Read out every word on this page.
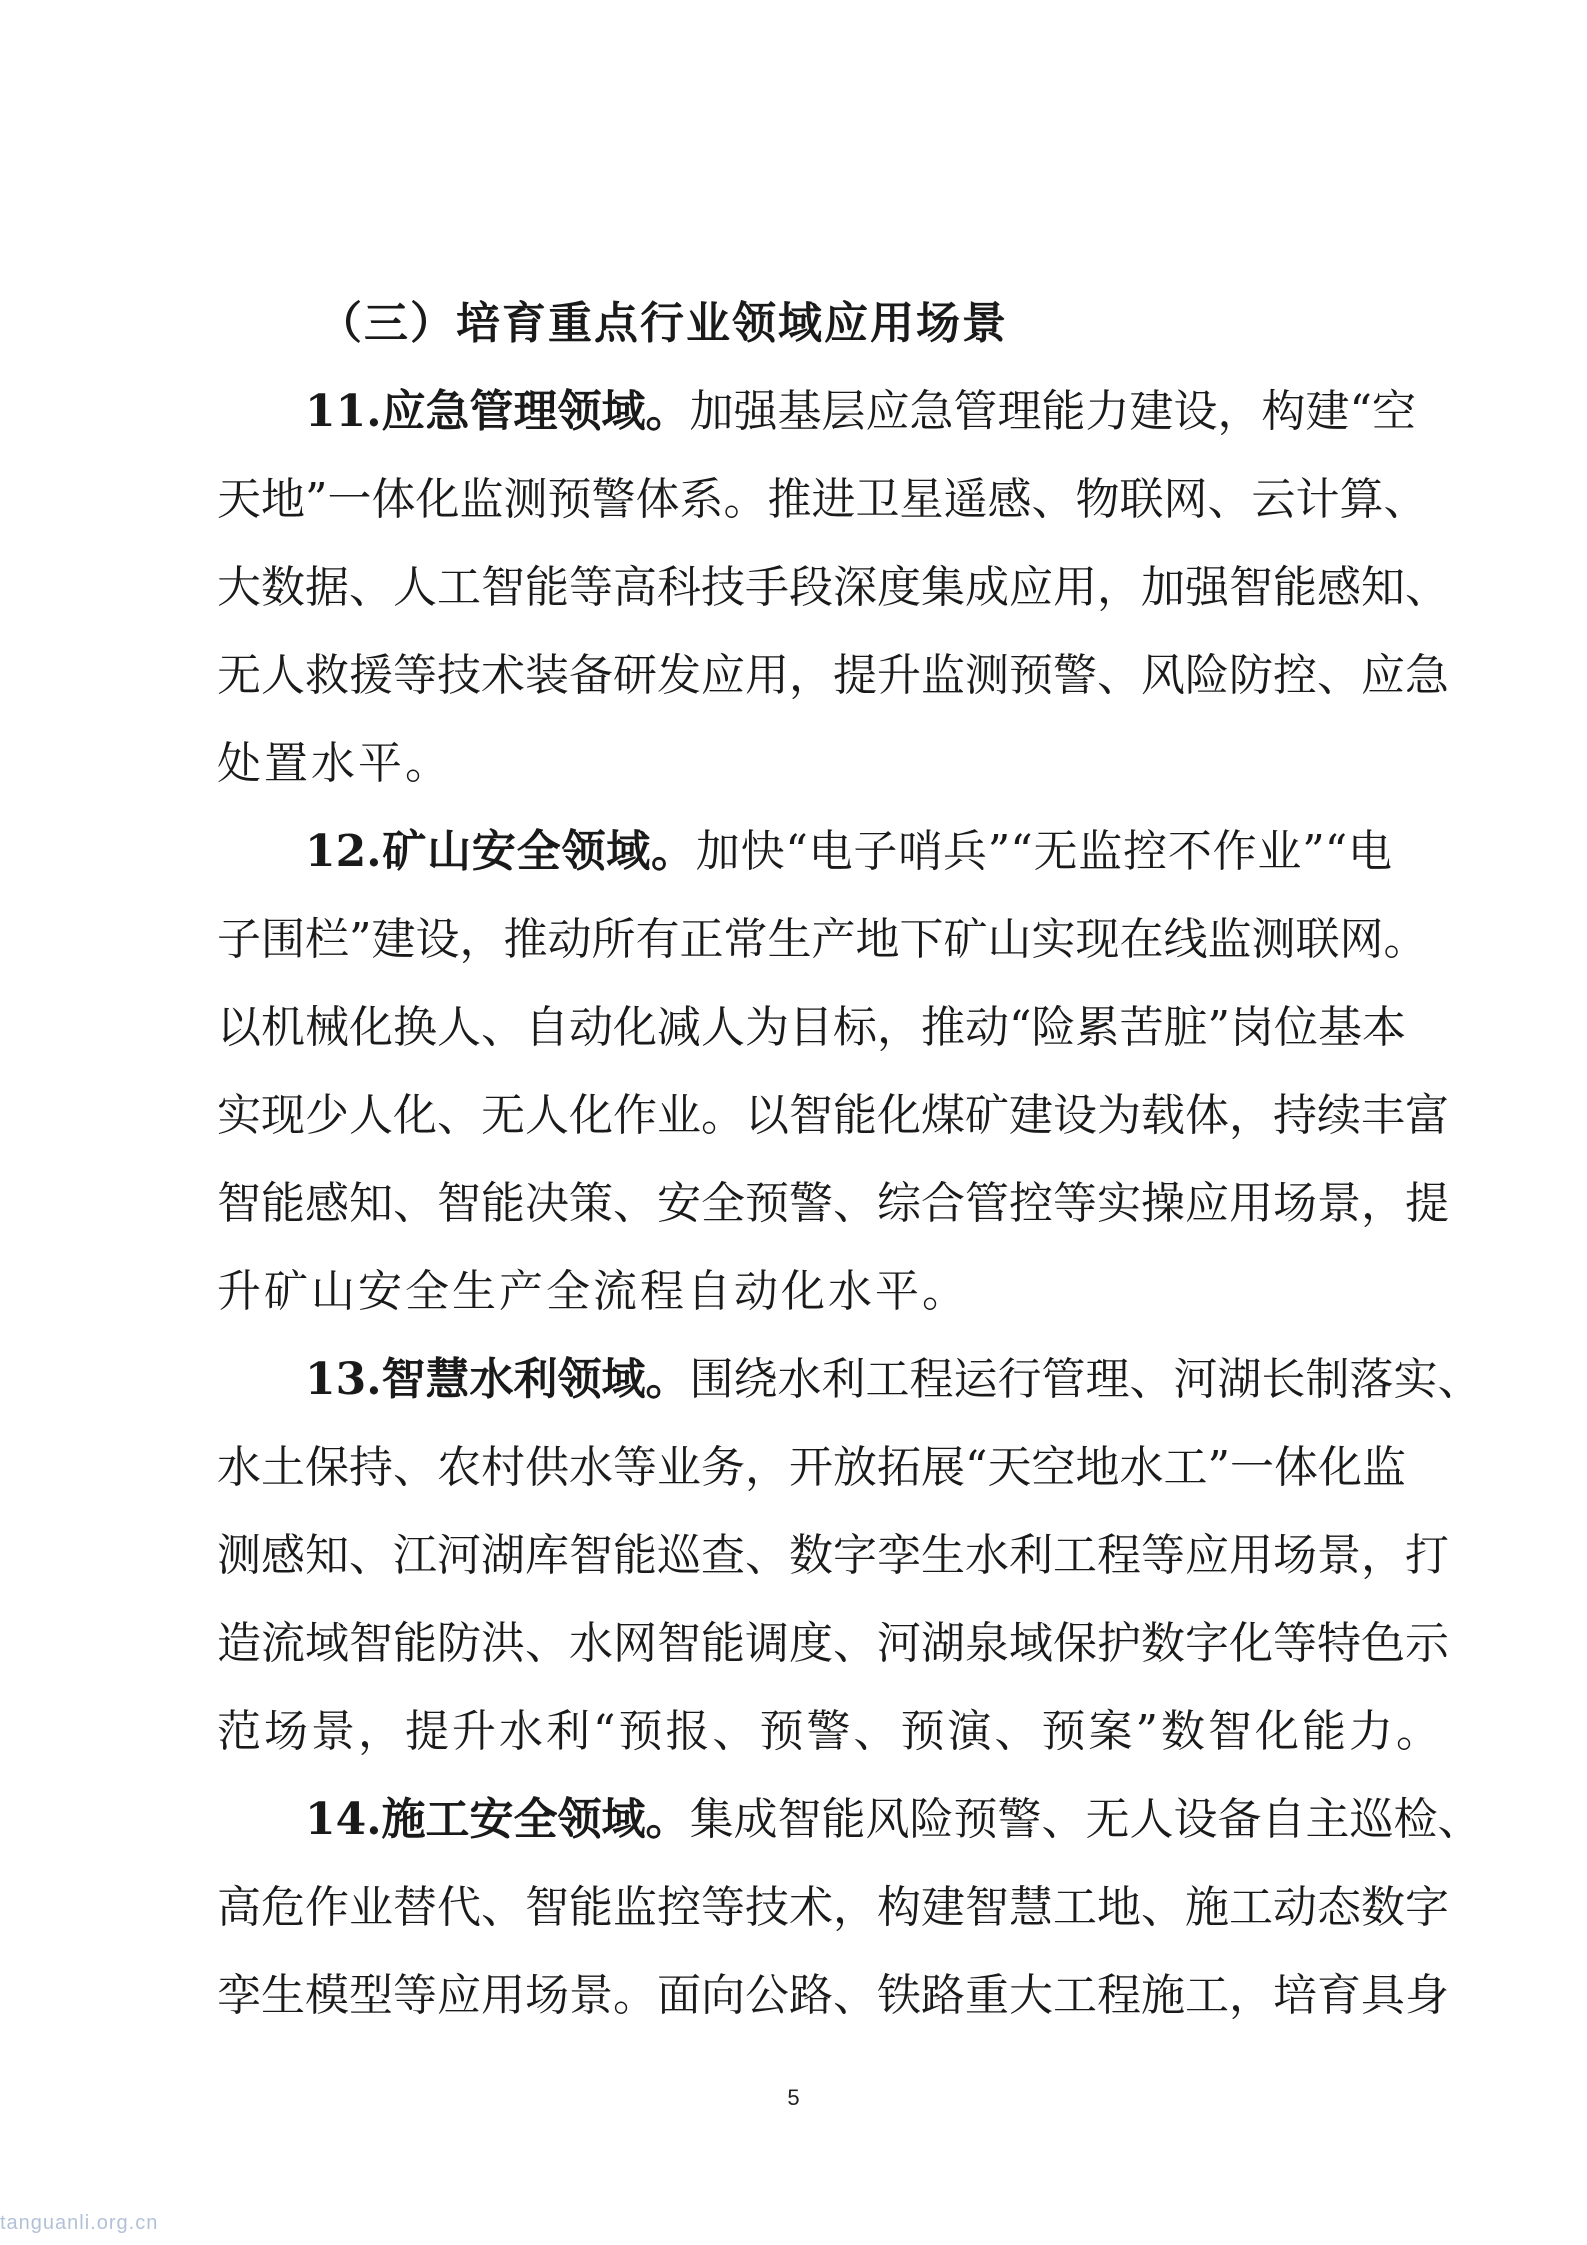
（三）培育重点行业领域应用场景
11.应急管理领域。加强基层应急管理能力建设，构建“空
天地”一体化监测预警体系。推进卫星遥感、物联网、云计算、
大数据、人工智能等高科技手段深度集成应用，加强智能感知、
无人救援等技术装备研发应用，提升监测预警、风险防控、应急
处置水平。
12.矿山安全领域。加快“电子哨兵”“无监控不作业”“电
子围栏”建设，推动所有正常生产地下矿山实现在线监测联网。
以机械化换人、自动化减人为目标，推动“险累苦脏”岗位基本
实现少人化、无人化作业。以智能化煤矿建设为载体，持续丰富
智能感知、智能决策、安全预警、综合管控等实操应用场景，提
升矿山安全生产全流程自动化水平。
13.智慧水利领域。围绕水利工程运行管理、河湖长制落实、
水土保持、农村供水等业务，开放拓展“天空地水工”一体化监
测感知、江河湖库智能巡查、数字孪生水利工程等应用场景，打
造流域智能防洪、水网智能调度、河湖泉域保护数字化等特色示
范场景，提升水利“预报、预警、预演、预案”数智化能力。
14.施工安全领域。集成智能风险预警、无人设备自主巡检、
高危作业替代、智能监控等技术，构建智慧工地、施工动态数字
孪生模型等应用场景。面向公路、铁路重大工程施工，培育具身
5
tanguanli.org.cn
